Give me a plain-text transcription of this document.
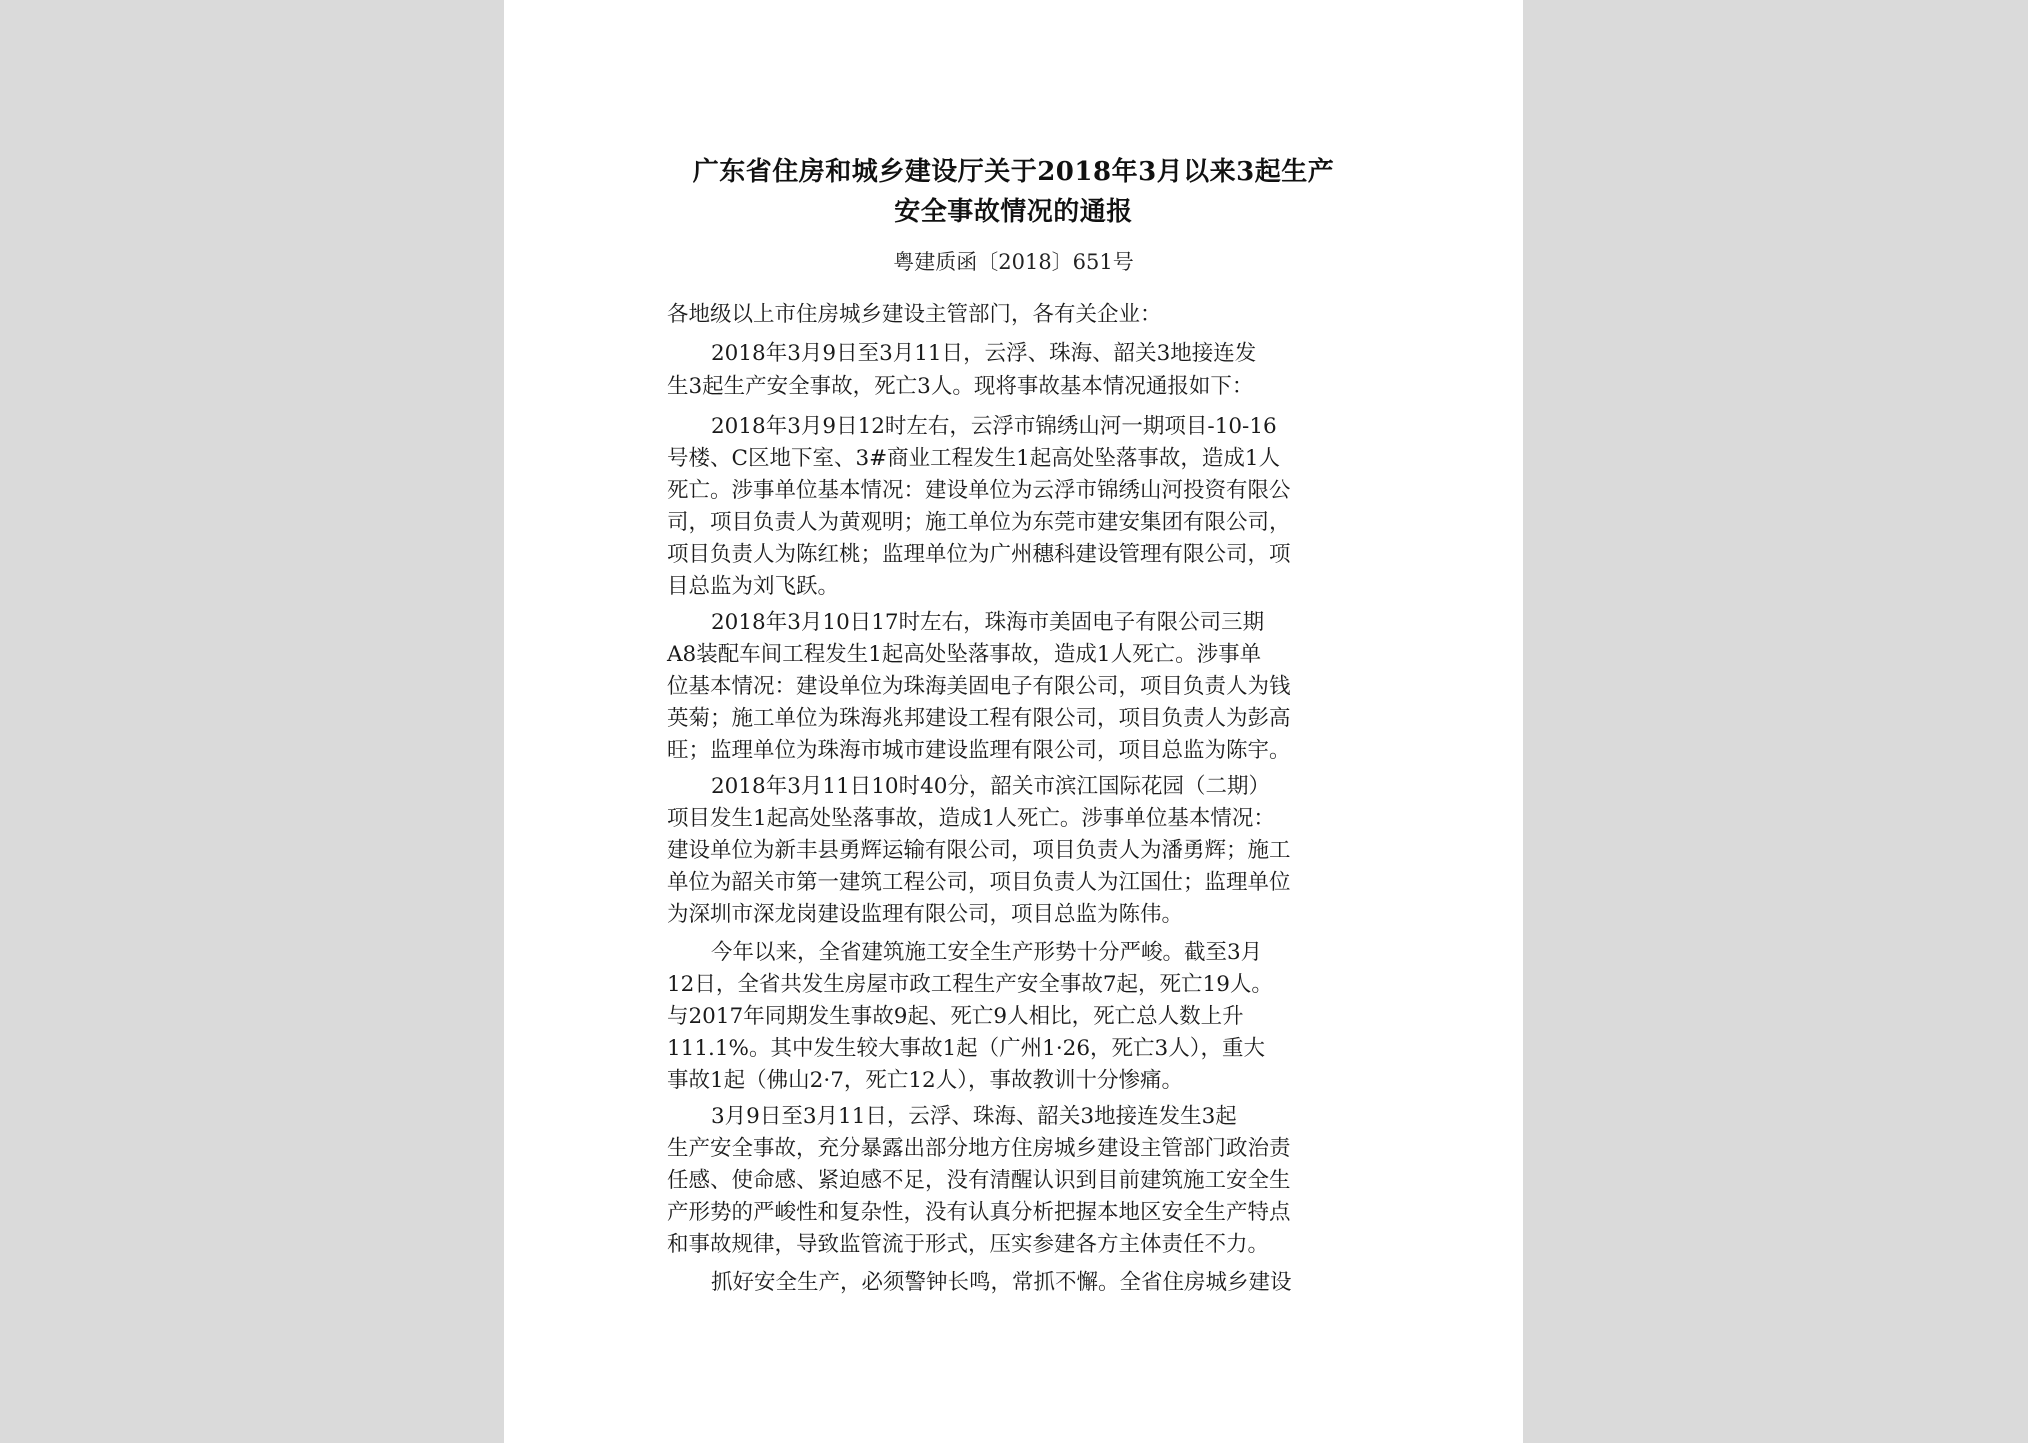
广东省住房和城乡建设厅关于2018年3月以来3起生产
安全事故情况的通报
粤建质函〔2018〕651号
各地级以上市住房城乡建设主管部门，各有关企业：
2018年3月9日至3月11日，云浮、珠海、韶关3地接连发
生3起生产安全事故，死亡3人。现将事故基本情况通报如下：
2018年3月9日12时左右，云浮市锦绣山河一期项目-10-16
号楼、C区地下室、3#商业工程发生1起高处坠落事故，造成1人
死亡。涉事单位基本情况：建设单位为云浮市锦绣山河投资有限公
司，项目负责人为黄观明；施工单位为东莞市建安集团有限公司，
项目负责人为陈红桃；监理单位为广州穗科建设管理有限公司，项
目总监为刘飞跃。
2018年3月10日17时左右，珠海市美固电子有限公司三期
A8装配车间工程发生1起高处坠落事故，造成1人死亡。涉事单
位基本情况：建设单位为珠海美固电子有限公司，项目负责人为钱
英菊；施工单位为珠海兆邦建设工程有限公司，项目负责人为彭高
旺；监理单位为珠海市城市建设监理有限公司，项目总监为陈宇。
2018年3月11日10时40分，韶关市滨江国际花园（二期）
项目发生1起高处坠落事故，造成1人死亡。涉事单位基本情况：
建设单位为新丰县勇辉运输有限公司，项目负责人为潘勇辉；施工
单位为韶关市第一建筑工程公司，项目负责人为江国仕；监理单位
为深圳市深龙岗建设监理有限公司，项目总监为陈伟。
今年以来，全省建筑施工安全生产形势十分严峻。截至3月
12日，全省共发生房屋市政工程生产安全事故7起，死亡19人。
与2017年同期发生事故9起、死亡9人相比，死亡总人数上升
111.1%。其中发生较大事故1起（广州1·26，死亡3人），重大
事故1起（佛山2·7，死亡12人），事故教训十分惨痛。
3月9日至3月11日，云浮、珠海、韶关3地接连发生3起
生产安全事故，充分暴露出部分地方住房城乡建设主管部门政治责
任感、使命感、紧迫感不足，没有清醒认识到目前建筑施工安全生
产形势的严峻性和复杂性，没有认真分析把握本地区安全生产特点
和事故规律，导致监管流于形式，压实参建各方主体责任不力。
抓好安全生产，必须警钟长鸣，常抓不懈。全省住房城乡建设
